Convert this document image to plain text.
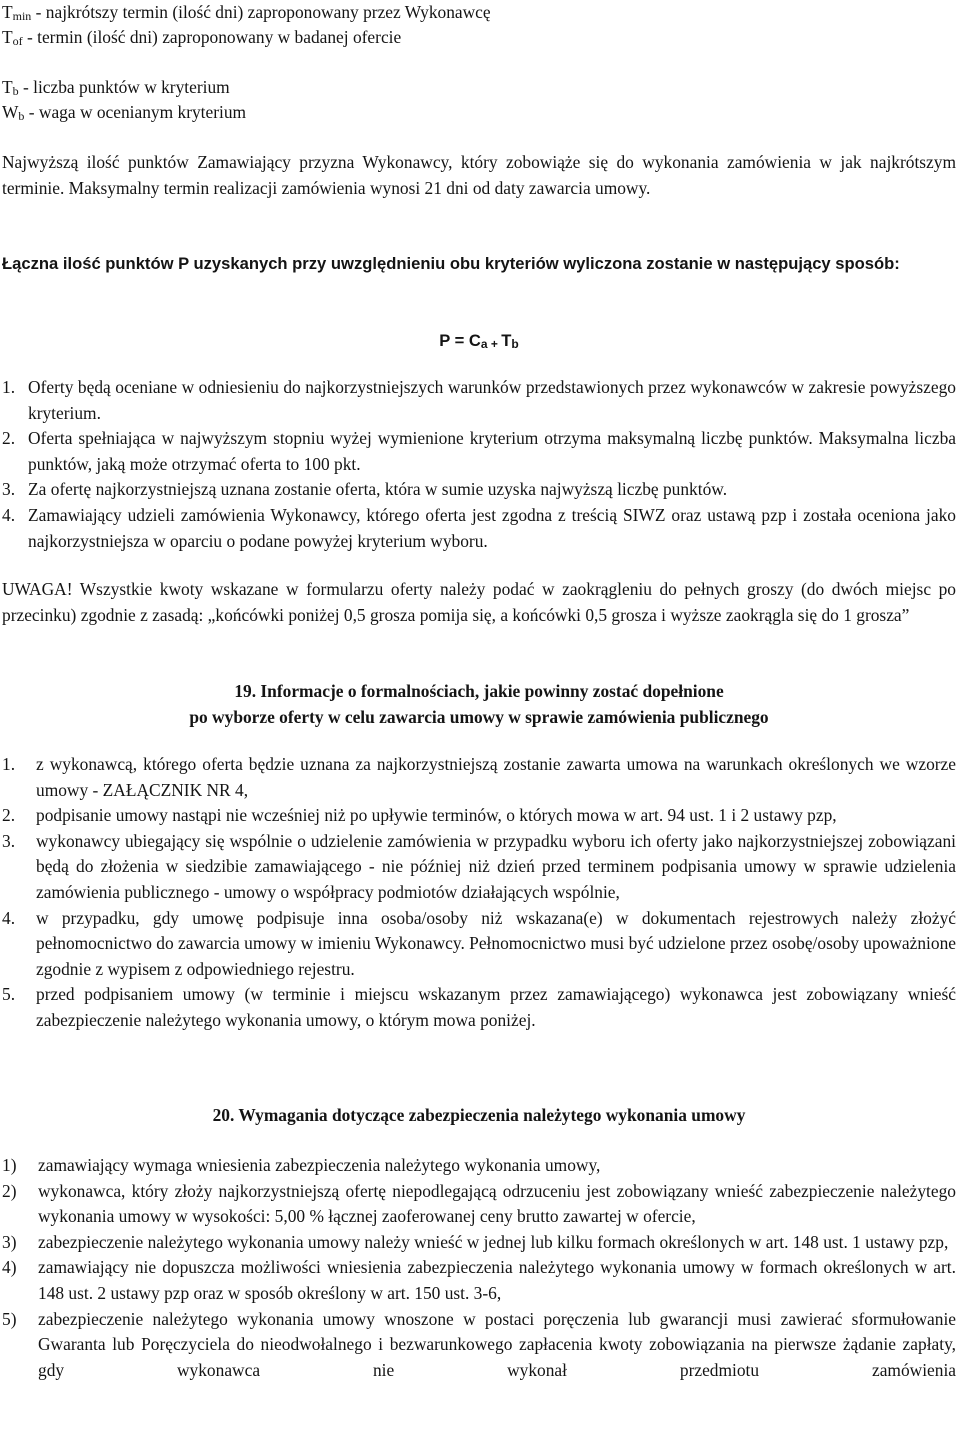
Tmin - najkrótszy termin (ilość dni) zaproponowany przez Wykonawcę
Tof - termin (ilość dni) zaproponowany w badanej ofercie
Tb - liczba punktów w kryterium
Wb - waga w ocenianym kryterium

Najwyższą ilość punktów Zamawiający przyzna Wykonawcy, który zobowiąże się do wykonania zamówienia w jak najkrótszym terminie. Maksymalny termin realizacji zamówienia wynosi 21 dni od daty zawarcia umowy.

Łączna ilość punktów P uzyskanych przy uwzględnieniu obu kryteriów wyliczona zostanie w następujący sposób:

P = Ca + Tb
1. Oferty będą oceniane w odniesieniu do najkorzystniejszych warunków przedstawionych przez wykonawców w zakresie powyższego kryterium.
2. Oferta spełniająca w najwyższym stopniu wyżej wymienione kryterium otrzyma maksymalną liczbę punktów. Maksymalna liczba punktów, jaką może otrzymać oferta to 100 pkt.
3. Za ofertę najkorzystniejszą uznana zostanie oferta, która w sumie uzyska najwyższą liczbę punktów.
4. Zamawiający udzieli zamówienia Wykonawcy, którego oferta jest zgodna z treścią SIWZ oraz ustawą pzp i została oceniona jako najkorzystniejsza w oparciu o podane powyżej kryterium wyboru.

UWAGA! Wszystkie kwoty wskazane w formularzu oferty należy podać w zaokrągleniu do pełnych groszy (do dwóch miejsc po przecinku) zgodnie z zasadą: „końcówki poniżej 0,5 grosza pomija się, a końcówki 0,5 grosza i wyższe zaokrągla się do 1 grosza”

19. Informacje o formalnościach, jakie powinny zostać dopełnione
po wyborze oferty w celu zawarcia umowy w sprawie zamówienia publicznego
1.	z wykonawcą, którego oferta będzie uznana za najkorzystniejszą zostanie zawarta umowa na warunkach określonych we wzorze umowy - ZAŁĄCZNIK NR 4,
2.	podpisanie umowy nastąpi nie wcześniej niż po upływie terminów, o których mowa w art. 94 ust. 1 i 2 ustawy pzp,
3.	wykonawcy ubiegający się wspólnie o udzielenie zamówienia w przypadku wyboru ich oferty jako najkorzystniejszej zobowiązani będą do złożenia w siedzibie zamawiającego - nie później niż dzień przed terminem podpisania umowy w sprawie udzielenia zamówienia publicznego - umowy o współpracy podmiotów działających wspólnie,
4.	w przypadku, gdy umowę podpisuje inna osoba/osoby niż wskazana(e) w dokumentach rejestrowych należy złożyć pełnomocnictwo do zawarcia umowy w imieniu Wykonawcy. Pełnomocnictwo musi być udzielone przez osobę/osoby upoważnione zgodnie z wypisem z odpowiedniego rejestru.
5.	przed podpisaniem umowy (w terminie i miejscu wskazanym przez zamawiającego) wykonawca jest zobowiązany wnieść zabezpieczenie należytego wykonania umowy, o którym mowa poniżej.
20. Wymagania dotyczące zabezpieczenia należytego wykonania umowy
1)	zamawiający wymaga wniesienia zabezpieczenia należytego wykonania umowy,
2)	wykonawca, który złoży najkorzystniejszą ofertę niepodlegającą odrzuceniu jest zobowiązany wnieść zabezpieczenie należytego wykonania umowy w wysokości: 5,00 % łącznej zaoferowanej ceny brutto zawartej w ofercie,
3)	zabezpieczenie należytego wykonania umowy należy wnieść w jednej lub kilku formach określonych w art. 148 ust. 1 ustawy pzp,
4)	zamawiający nie dopuszcza możliwości wniesienia zabezpieczenia należytego wykonania umowy w formach określonych w art. 148 ust. 2 ustawy pzp oraz w sposób określony w art. 150 ust. 3-6,
5)	zabezpieczenie należytego wykonania umowy wnoszone w postaci poręczenia lub gwarancji musi zawierać sformułowanie Gwaranta lub Poręczyciela do nieodwołalnego i bezwarunkowego zapłacenia kwoty zobowiązania na pierwsze żądanie zapłaty, gdy wykonawca nie wykonał przedmiotu zamówienia
